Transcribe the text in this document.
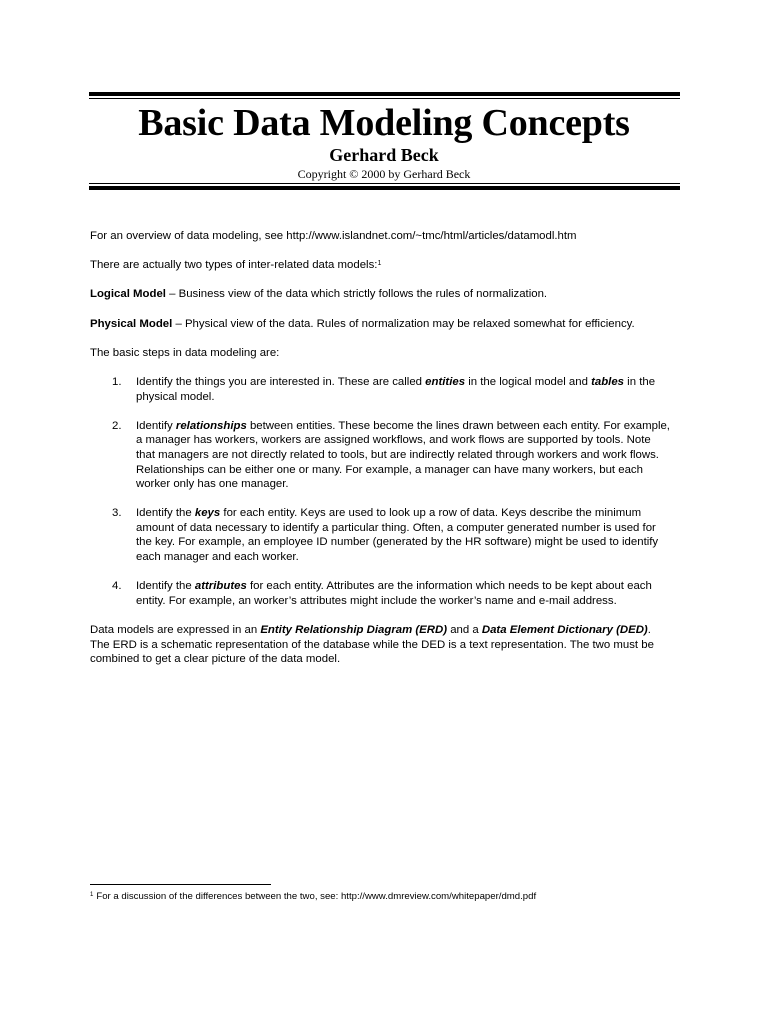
Basic Data Modeling Concepts
Gerhard Beck
Copyright © 2000 by Gerhard Beck

For an overview of data modeling, see http://www.islandnet.com/~tmc/html/articles/datamodl.htm

There are actually two types of inter-related data models:$^1$

Logical Model – Business view of the data which strictly follows the rules of normalization.

Physical Model – Physical view of the data. Rules of normalization may be relaxed somewhat for efficiency.

The basic steps in data modeling are:

1. Identify the things you are interested in. These are called entities in the logical model and tables in the physical model.
2. Identify relationships between entities. These become the lines drawn between each entity. For example, a manager has workers, workers are assigned workflows, and work flows are supported by tools. Note that managers are not directly related to tools, but are indirectly related through workers and work flows. Relationships can be either one or many. For example, a manager can have many workers, but each worker only has one manager.
3. Identify the keys for each entity. Keys are used to look up a row of data. Keys describe the minimum amount of data necessary to identify a particular thing. Often, a computer generated number is used for the key. For example, an employee ID number (generated by the HR software) might be used to identify each manager and each worker.
4. Identify the attributes for each entity. Attributes are the information which needs to be kept about each entity. For example, an worker’s attributes might include the worker’s name and e-mail address.

Data models are expressed in an Entity Relationship Diagram (ERD) and a Data Element Dictionary (DED). The ERD is a schematic representation of the database while the DED is a text representation. The two must be combined to get a clear picture of the data model.

$^1$ For a discussion of the differences between the two, see: http://www.dmreview.com/whitepaper/dmd.pdf
